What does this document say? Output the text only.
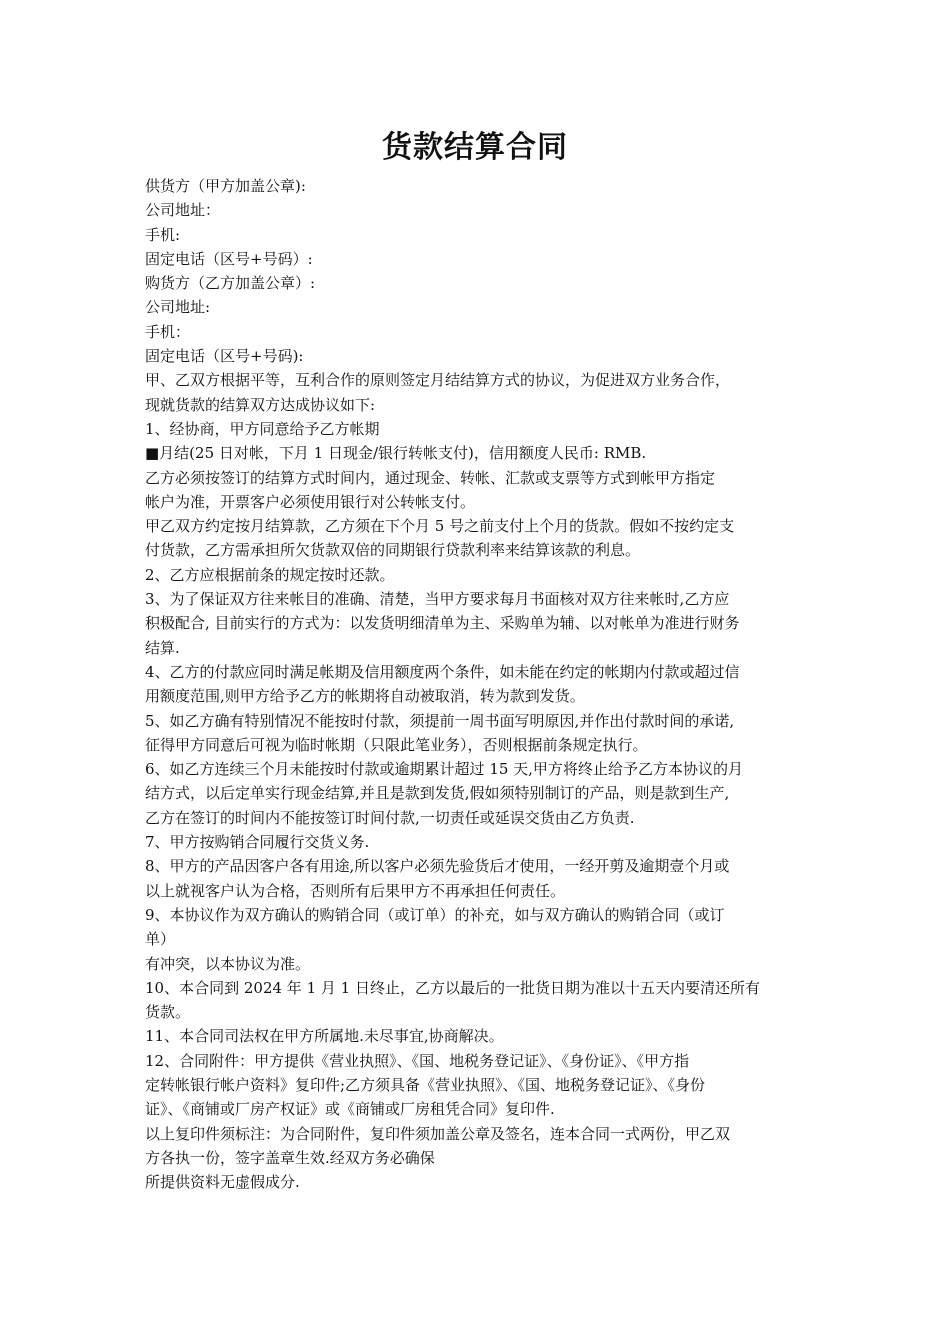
货款结算合同
供货方（甲方加盖公章):
公司地址：
手机:
固定电话（区号+号码）:
购货方（乙方加盖公章）:
公司地址:
手机：
固定电话（区号+号码):
甲、乙双方根据平等，互利合作的原则签定月结结算方式的协议，为促进双方业务合作，
现就货款的结算双方达成协议如下:
1、经协商，甲方同意给予乙方帐期
■月结(25 日对帐，下月 1 日现金/银行转帐支付)，信用额度人民币: RMB.
乙方必须按签订的结算方式时间内，通过现金、转帐、汇款或支票等方式到帐甲方指定
帐户为准，开票客户必须使用银行对公转帐支付。
甲乙双方约定按月结算款，乙方须在下个月 5 号之前支付上个月的货款。假如不按约定支
付货款，乙方需承担所欠货款双倍的同期银行贷款利率来结算该款的利息。
2、乙方应根据前条的规定按时还款。
3、为了保证双方往来帐目的准确、清楚，当甲方要求每月书面核对双方往来帐时,乙方应
积极配合, 目前实行的方式为：以发货明细清单为主、采购单为辅、以对帐单为准进行财务
结算.
4、乙方的付款应同时满足帐期及信用额度两个条件，如未能在约定的帐期内付款或超过信
用额度范围,则甲方给予乙方的帐期将自动被取消，转为款到发货。
5、如乙方确有特别情况不能按时付款，须提前一周书面写明原因,并作出付款时间的承诺,
征得甲方同意后可视为临时帐期（只限此笔业务），否则根据前条规定执行。
6、如乙方连续三个月未能按时付款或逾期累计超过 15 天,甲方将终止给予乙方本协议的月
结方式，以后定单实行现金结算,并且是款到发货,假如须特别制订的产品，则是款到生产,
乙方在签订的时间内不能按签订时间付款,一切责任或延误交货由乙方负责.
7、甲方按购销合同履行交货义务.
8、甲方的产品因客户各有用途,所以客户必须先验货后才使用，一经开剪及逾期壹个月或
以上就视客户认为合格，否则所有后果甲方不再承担任何责任。
9、本协议作为双方确认的购销合同（或订单）的补充，如与双方确认的购销合同（或订
单）
有冲突，以本协议为准。
10、本合同到 2024 年 1 月 1 日终止，乙方以最后的一批货日期为准以十五天内要清还所有
货款。
11、本合同司法权在甲方所属地.未尽事宜,协商解决。
12、合同附件：甲方提供《营业执照》、《国、地税务登记证》、《身份证》、《甲方指
定转帐银行帐户资料》复印件;乙方须具备《营业执照》、《国、地税务登记证》、《身份
证》、《商铺或厂房产权证》或《商铺或厂房租凭合同》复印件.
以上复印件须标注：为合同附件，复印件须加盖公章及签名，连本合同一式两份，甲乙双
方各执一份，签字盖章生效.经双方务必确保
所提供资料无虚假成分.
